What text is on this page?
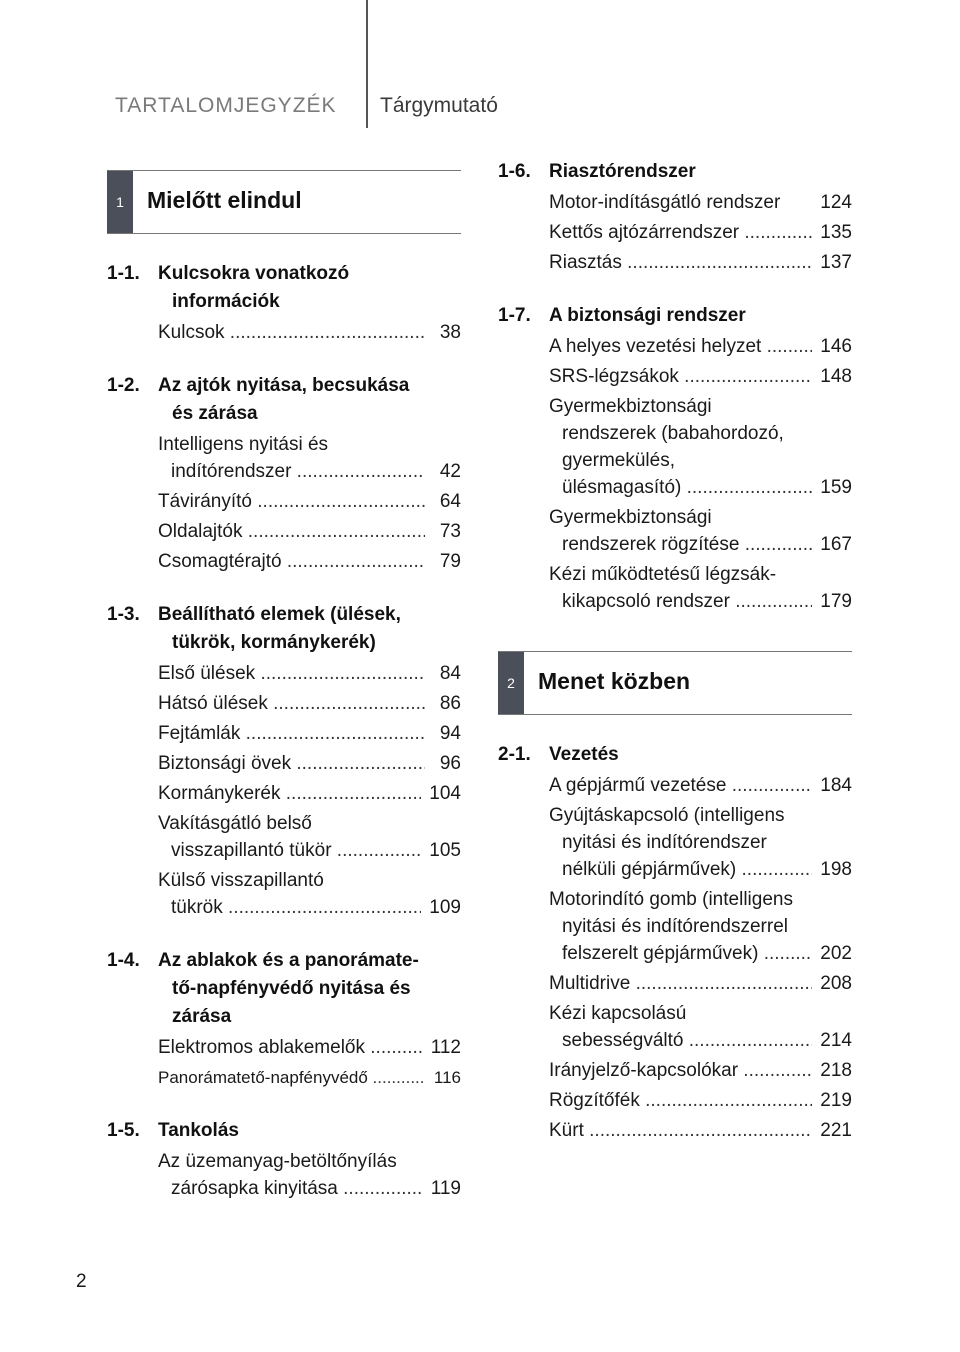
TARTALOMJEGYZÉK Tárgymutató
1	Mielőtt elindul
1-1. Kulcsokra vonatkozó
információk
Kulcsok .....	38
1-2. Az ajtók nyitása, becsukása
és zárása
Intelligens nyitási és
indítórendszer .....	42
Távirányító .....	64
Oldalajtók .....	73
Csomagtérajtó .....	79
1-3. Beállítható elemek (ülések,
tükrök, kormánykerék)
Első ülések .....	84
Hátsó ülések .....	86
Fejtámlák .....	94
Biztonsági övek .....	96
Kormánykerék .....	104
Vakításgátló belső
visszapillantó tükör .....	105
Külső visszapillantó
tükrök .....	109
1-4. Az ablakok és a panorámate-
tő-napfényvédő nyitása és
zárása
Elektromos ablakemelők .....	112
Panorámatető-napfényvédő .....	116
1-5. Tankolás
Az üzemanyag-betöltőnyílás
zárósapka kinyitása .....	119
1-6. Riasztórendszer
Motor-indításgátló rendszer	124
Kettős ajtózárrendszer .....	135
Riasztás .....	137
1-7. A biztonsági rendszer
A helyes vezetési helyzet .....	146
SRS-légzsákok .....	148
Gyermekbiztonsági
rendszerek (babahordozó,
gyermekülés,
ülésmagasító) .....	159
Gyermekbiztonsági
rendszerek rögzítése .....	167
Kézi működtetésű légzsák-
kikapcsoló rendszer .....	179
2	Menet közben
2-1. Vezetés
A gépjármű vezetése .....	184
Gyújtáskapcsoló (intelligens
nyitási és indítórendszer
nélküli gépjárművek) .....	198
Motorindító gomb (intelligens
nyitási és indítórendszerrel
felszerelt gépjárművek) .....	202
Multidrive .....	208
Kézi kapcsolású
sebességváltó .....	214
Irányjelző-kapcsolókar .....	218
Rögzítőfék .....	219
Kürt .....	221
2
